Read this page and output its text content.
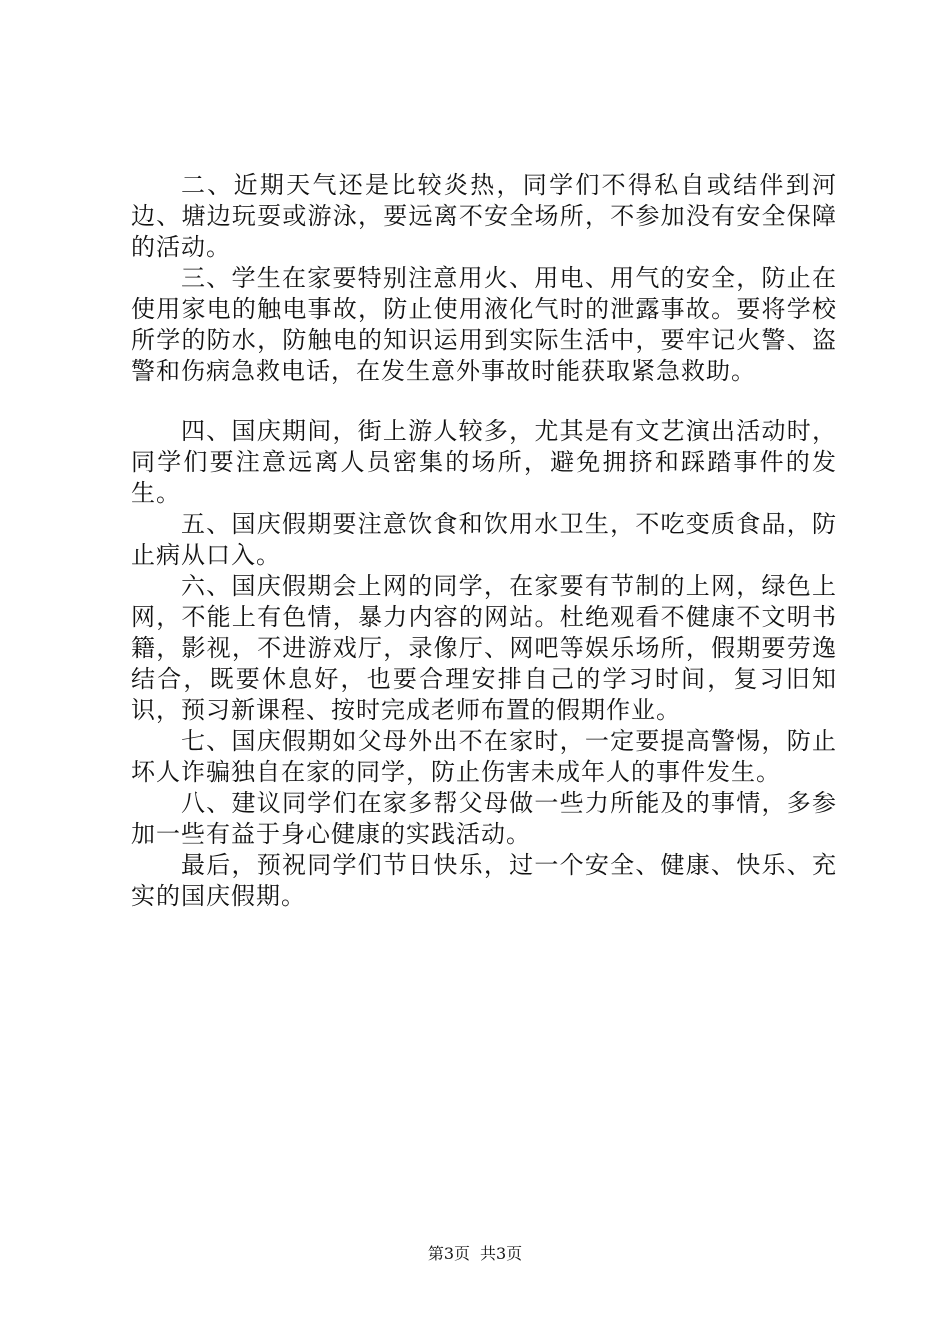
二、近期天气还是比较炎热，同学们不得私自或结伴到河边、塘边玩耍或游泳，要远离不安全场所，不参加没有安全保障的活动。

三、学生在家要特别注意用火、用电、用气的安全，防止在使用家电的触电事故，防止使用液化气时的泄露事故。要将学校所学的防水，防触电的知识运用到实际生活中，要牢记火警、盗警和伤病急救电话，在发生意外事故时能获取紧急救助。

四、国庆期间，街上游人较多，尤其是有文艺演出活动时，同学们要注意远离人员密集的场所，避免拥挤和踩踏事件的发生。

五、国庆假期要注意饮食和饮用水卫生，不吃变质食品，防止病从口入。

六、国庆假期会上网的同学，在家要有节制的上网，绿色上网，不能上有色情，暴力内容的网站。杜绝观看不健康不文明书籍，影视，不进游戏厅，录像厅、网吧等娱乐场所，假期要劳逸结合，既要休息好，也要合理安排自己的学习时间，复习旧知识，预习新课程、按时完成老师布置的假期作业。

七、国庆假期如父母外出不在家时，一定要提高警惕，防止坏人诈骗独自在家的同学，防止伤害未成年人的事件发生。

八、建议同学们在家多帮父母做一些力所能及的事情，多参加一些有益于身心健康的实践活动。

最后，预祝同学们节日快乐，过一个安全、健康、快乐、充实的国庆假期。

第3页 共3页
